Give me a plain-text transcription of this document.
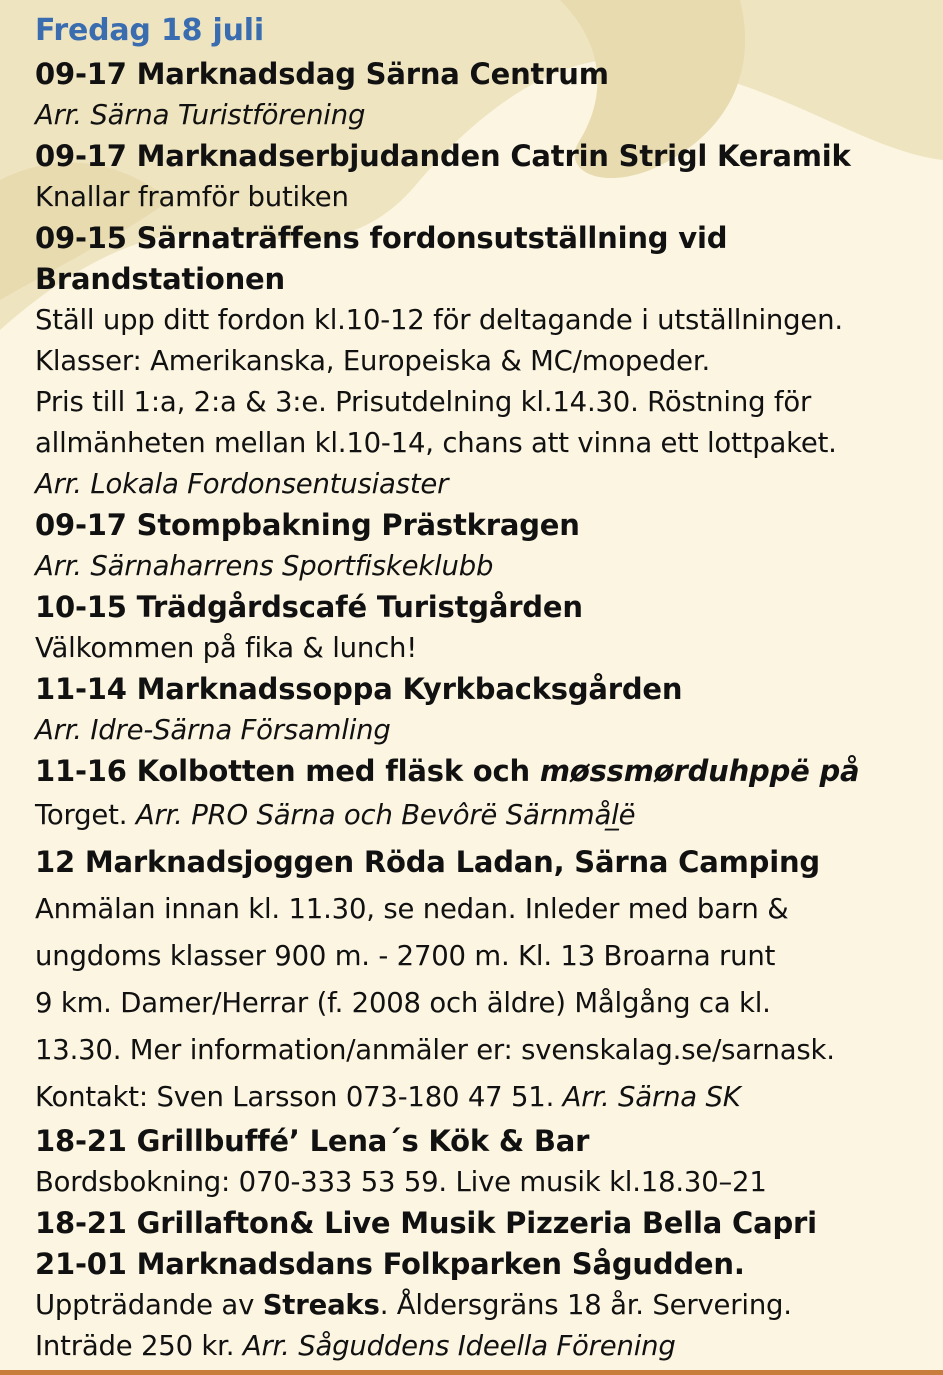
Fredag 18 juli
09-17 Marknadsdag Särna Centrum
Arr. Särna Turistförening
09-17 Marknadserbjudanden Catrin Strigl Keramik
Knallar framför butiken
09-15 Särnaträffens fordonsutställning vid
Brandstationen
Ställ upp ditt fordon kl.10-12 för deltagande i utställningen.
Klasser: Amerikanska, Europeiska & MC/mopeder.
Pris till 1:a, 2:a & 3:e. Prisutdelning kl.14.30. Röstning för
allmänheten mellan kl.10-14, chans att vinna ett lottpaket.
Arr. Lokala Fordonsentusiaster
09-17 Stompbakning Prästkragen
Arr. Särnaharrens Sportfiskeklubb
10-15 Trädgårdscafé Turistgården
Välkommen på fika & lunch!
11-14 Marknadssoppa Kyrkbacksgården
Arr. Idre-Särna Församling
11-16 Kolbotten med fläsk och møssmørduhppë på
Torget. Arr. PRO Särna och Bevôrë Särnmål̲ë
12 Marknadsjoggen Röda Ladan, Särna Camping
Anmälan innan kl. 11.30, se nedan. Inleder med barn &
ungdoms klasser 900 m. - 2700 m. Kl. 13 Broarna runt
9 km. Damer/Herrar (f. 2008 och äldre) Målgång ca kl.
13.30. Mer information/anmäler er: svenskalag.se/sarnask.
Kontakt: Sven Larsson 073-180 47 51. Arr. Särna SK
18-21 Grillbuffé’ Lena´s Kök & Bar
Bordsbokning: 070-333 53 59. Live musik kl.18.30–21
18-21 Grillafton& Live Musik Pizzeria Bella Capri
21-01 Marknadsdans Folkparken Sågudden.
Uppträdande av Streaks. Åldersgräns 18 år. Servering.
Inträde 250 kr. Arr. Såguddens Ideella Förening
